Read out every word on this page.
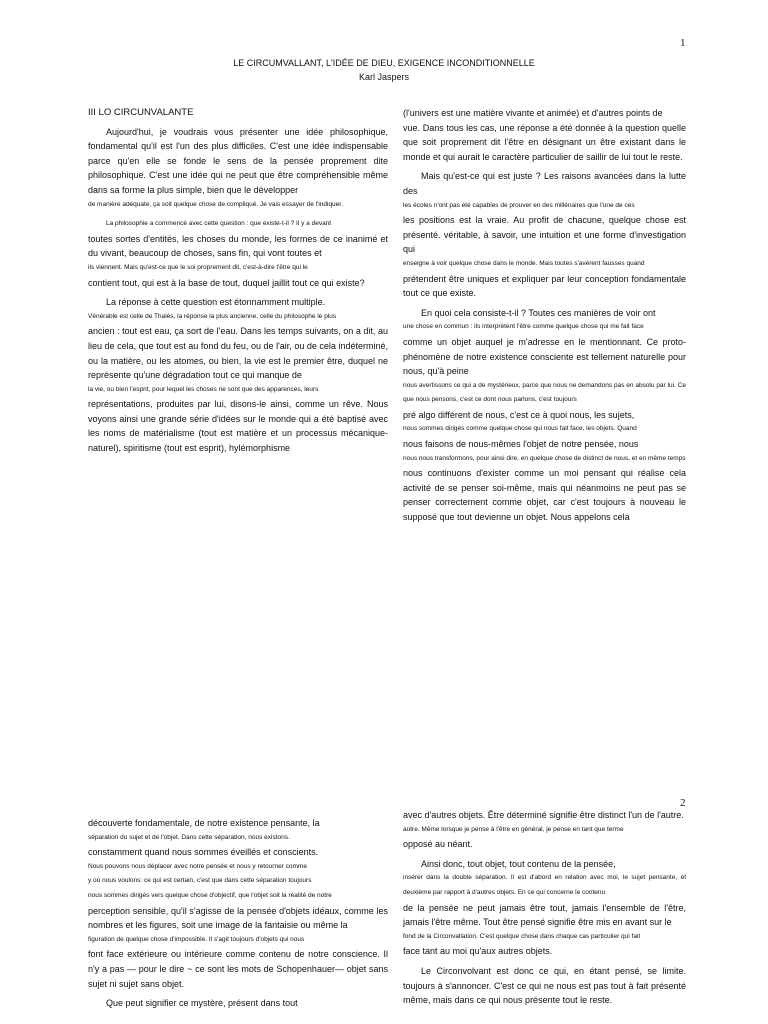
1
LE CIRCUMVALLANT, L'IDÉE DE DIEU, EXIGENCE INCONDITIONNELLE
Karl Jaspers

III LO CIRCUNVALANTE

Aujourd'hui, je voudrais vous présenter une idée philosophique, fondamental qu'il est l'un des plus difficiles. C'est une idée indispensable parce qu'en elle se fonde le sens de la pensée proprement dite philosophique. C'est une idée qui ne peut que être compréhensible même dans sa forme la plus simple, bien que le développer

de manière adéquate, ça soit quelque chose de compliqué. Je vais essayer de l'indiquer.

La philosophie a commencé avec cette question : que existe-t-il ? Il y a devant

toutes sortes d'entités, les choses du monde, les formes de ce inanimé et du vivant, beaucoup de choses, sans fin, qui vont toutes et

ils viennent. Mais qu'est-ce que le soi proprement dit, c'est-à-dire l'être qui le

contient tout, qui est à la base de tout, duquel jaillit tout ce qui existe?

La réponse à cette question est étonnamment multiple.

Vénérable est celle de Thalès, la réponse la plus ancienne, celle du philosophe le plus

ancien : tout est eau, ça sort de l'eau. Dans les temps suivants, on a dit, au lieu de cela, que tout est au fond du feu, ou de l'air, ou de cela indéterminé, ou la matière, ou les atomes, ou bien, la vie est le premier être, duquel ne représente qu'une dégradation tout ce qui manque de

la vie, ou bien l'esprit, pour lequel les choses ne sont que des apparences, leurs

représentations, produites par lui, disons-le ainsi, comme un rêve. Nous voyons ainsi une grande série d'idées sur le monde qui a été baptisé avec les noms de matérialisme (tout est matière et un processus mécanique-naturel), spiritisme (tout est esprit), hylémorphisme

(l'univers est une matière vivante et animée) et d'autres points de

vue. Dans tous les cas, une réponse a été donnée à la question quelle que soit proprement dit l'être en désignant un être existant dans le monde et qui aurait le caractère particulier de saillir de lui tout le reste.

Mais qu'est-ce qui est juste ? Les raisons avancées dans la lutte des

les écoles n'ont pas été capables de prouver en des millénaires que l'une de ces

les positions est la vraie. Au profit de chacune, quelque chose est présenté. véritable, à savoir, une intuition et une forme d'investigation qui

enseigne à voir quelque chose dans le monde. Mais toutes s'avèrent fausses quand

prétendent être uniques et expliquer par leur conception fondamentale tout ce que existe.

En quoi cela consiste-t-il ? Toutes ces manières de voir ont

une chose en commun : ils interprètent l'être comme quelque chose qui me fait face

comme un objet auquel je m'adresse en le mentionnant. Ce proto-phénomène de notre existence consciente est tellement naturelle pour nous, qu'à peine

nous avertissons ce qui a de mystérieux, parce que nous ne demandons pas en absolu par lui. Ce que nous pensons, c'est ce dont nous parlons, c'est toujours

pré algo différent de nous, c'est ce à quoi nous, les sujets,

nous sommes dirigés comme quelque chose qui nous fait face, les objets. Quand

nous faisons de nous-mêmes l'objet de notre pensée, nous

nous nous transformons, pour ainsi dire, en quelque chose de distinct de nous, et en même temps

nous continuons d'exister comme un moi pensant qui réalise cela activité de se penser soi-même, mais qui néanmoins ne peut pas se penser correctement comme objet, car c'est toujours à nouveau le supposé que tout devienne un objet. Nous appelons cela

2

découverte fondamentale, de notre existence pensante, la

séparation du sujet et de l'objet. Dans cette séparation, nous existons.

constamment quand nous sommes éveillés et conscients.

Nous pouvons nous déplacer avec notre pensée et nous y retourner comme

y où nous voulons: ce qui est certain, c'est que dans cette séparation toujours

nous sommes dirigés vers quelque chose d'objectif, que l'objet soit la réalité de notre

perception sensible, qu'il s'agisse de la pensée d'objets idéaux, comme les nombres et les figures, soit une image de la fantaisie ou même la

figuration de quelque chose d'impossible. Il s'agit toujours d'objets qui nous

font face extérieure ou intérieure comme contenu de notre conscience. Il n'y a pas — pour le dire ~ ce sont les mots de Schopenhauer— objet sans sujet ni sujet sans objet.

Que peut signifier ce mystère, présent dans tout

avec d'autres objets. Être déterminé signifie être distinct l'un de l'autre.

autre. Même lorsque je pense à l'être en général, je pense en tant que terme

opposé au néant.

Ainsi donc, tout objet, tout contenu de la pensée,

insérer dans la double séparation. Il est d'abord en relation avec moi, le sujet pensante, et deuxième par rapport à d'autres objets. En ce qui concerne le contenu

de la pensée ne peut jamais être tout, jamais l'ensemble de l'être, jamais l'être même. Tout être pensé signifie être mis en avant sur le

fond de la Circonvallation. C'est quelque chose dans chaque cas particulier qui fait

face tant au moi qu'aux autres objets.

Le Circonvolvant est donc ce qui, en étant pensé, se limite. toujours à s'annoncer. C'est ce qui ne nous est pas tout à fait présenté même, mais dans ce qui nous présente tout le reste.
